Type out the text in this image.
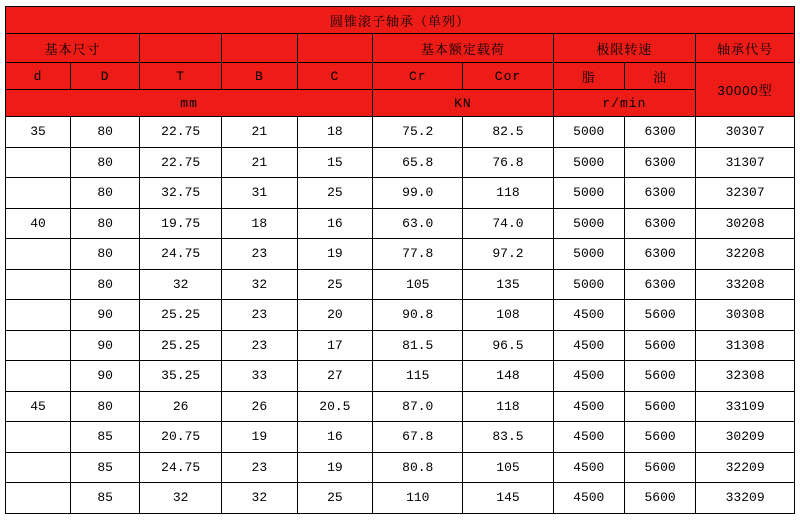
圆锥滚子轴承（单列）									
基本尺寸					基本额定载荷		极限转速		轴承代号
d	D	T	B	C	Cr	Cor	脂	油	30000型
mm					KN		r/min		
35	80	22.75	21	18	75.2	82.5	5000	6300	30307
	80	22.75	21	15	65.8	76.8	5000	6300	31307
	80	32.75	31	25	99.0	118	5000	6300	32307
40	80	19.75	18	16	63.0	74.0	5000	6300	30208
	80	24.75	23	19	77.8	97.2	5000	6300	32208
	80	32	32	25	105	135	5000	6300	33208
	90	25.25	23	20	90.8	108	4500	5600	30308
	90	25.25	23	17	81.5	96.5	4500	5600	31308
	90	35.25	33	27	115	148	4500	5600	32308
45	80	26	26	20.5	87.0	118	4500	5600	33109
	85	20.75	19	16	67.8	83.5	4500	5600	30209
	85	24.75	23	19	80.8	105	4500	5600	32209
	85	32	32	25	110	145	4500	5600	33209
